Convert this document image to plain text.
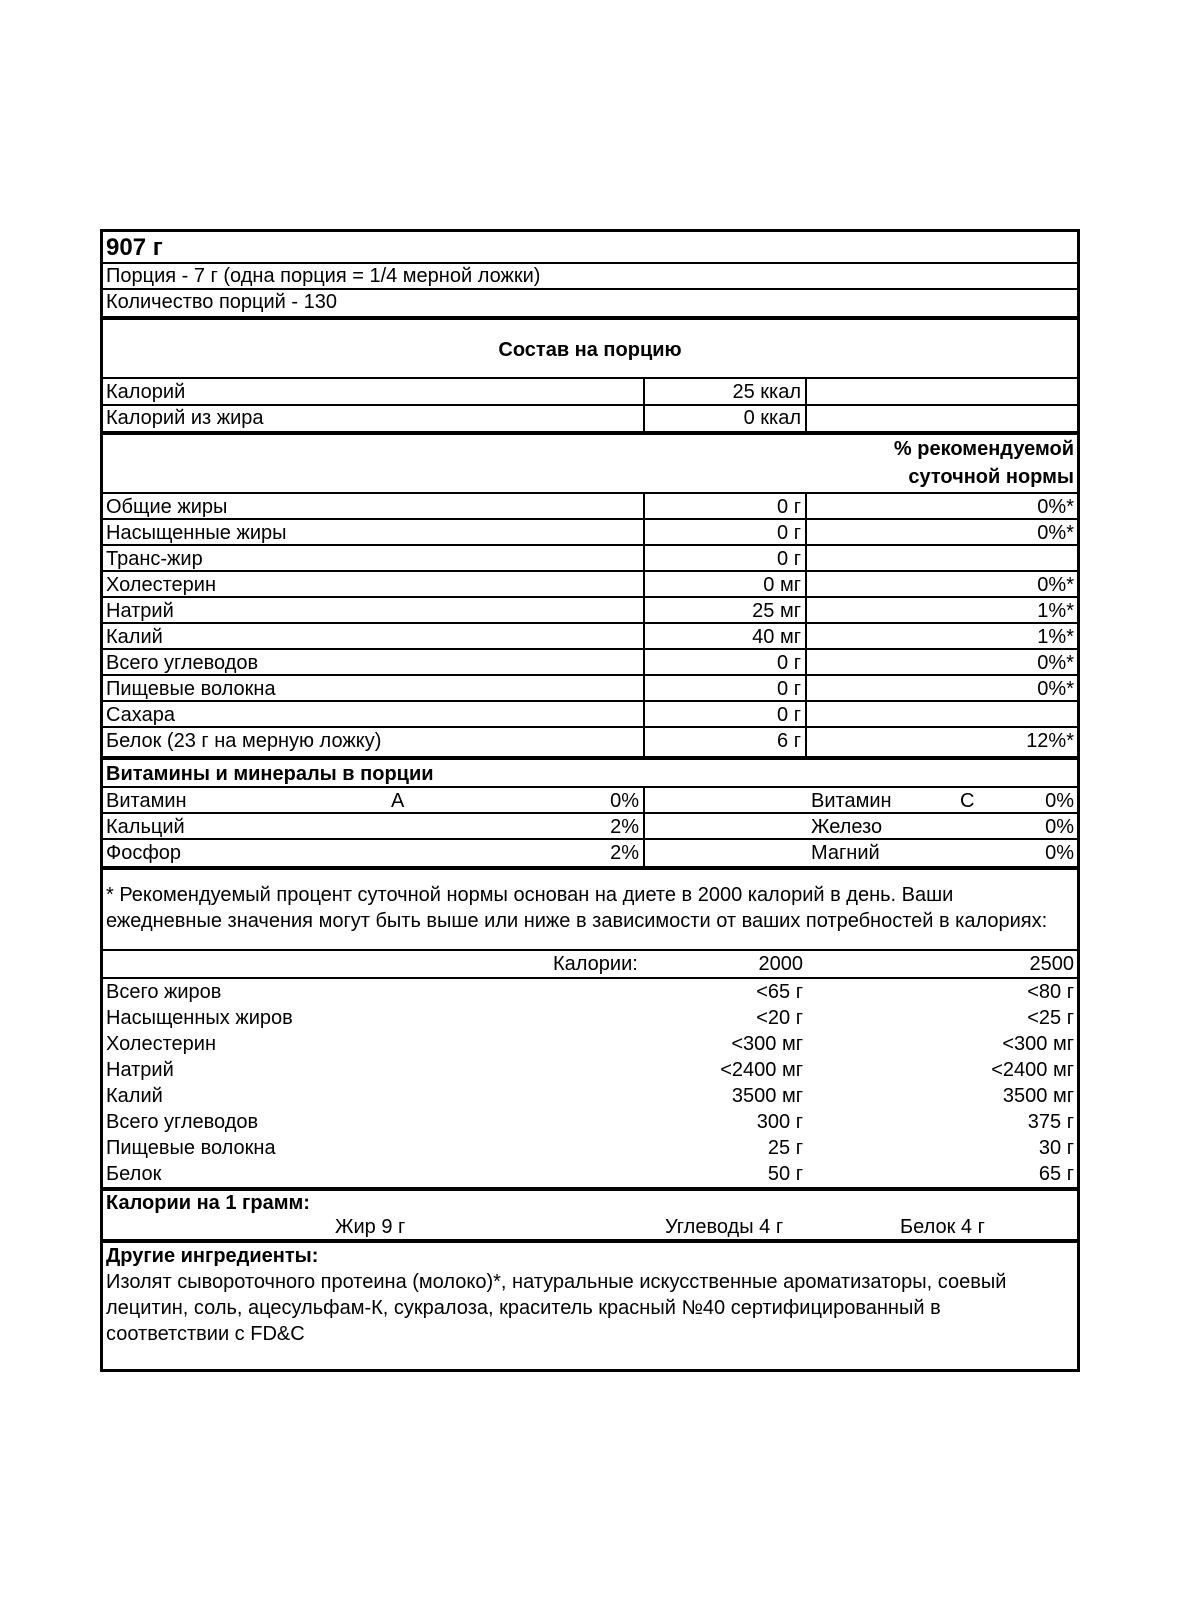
907 г
Порция - 7 г (одна порция = 1/4 мерной ложки)
Количество порций - 130
Состав на порцию
Калорий	25 ккал
Калорий из жира	0 ккал
% рекомендуемой
суточной нормы
Общие жиры	0 г	0%*
Насыщенные жиры	0 г	0%*
Транс-жир	0 г
Холестерин	0 мг	0%*
Натрий	25 мг	1%*
Калий	40 мг	1%*
Всего углеводов	0 г	0%*
Пищевые волокна	0 г	0%*
Сахара	0 г
Белок (23 г на мерную ложку)	6 г	12%*
Витамины и минералы в порции
Витамин	A	0%	Витамин	C	0%
Кальций	2%	Железо	0%
Фосфор	2%	Магний	0%
* Рекомендуемый процент суточной нормы основан на диете в 2000 калорий в день. Ваши
ежедневные значения могут быть выше или ниже в зависимости от ваших потребностей в калориях:
Калории:	2000	2500
Всего жиров	<65 г	<80 г
Насыщенных жиров	<20 г	<25 г
Холестерин	<300 мг	<300 мг
Натрий	<2400 мг	<2400 мг
Калий	3500 мг	3500 мг
Всего углеводов	300 г	375 г
Пищевые волокна	25 г	30 г
Белок	50 г	65 г
Калории на 1 грамм:
Жир 9 г	Углеводы 4 г	Белок 4 г
Другие ингредиенты:
Изолят сывороточного протеина (молоко)*, натуральные искусственные ароматизаторы, соевый
лецитин, соль, ацесульфам-К, сукралоза, краситель красный №40 сертифицированный в
соответствии с FD&C
